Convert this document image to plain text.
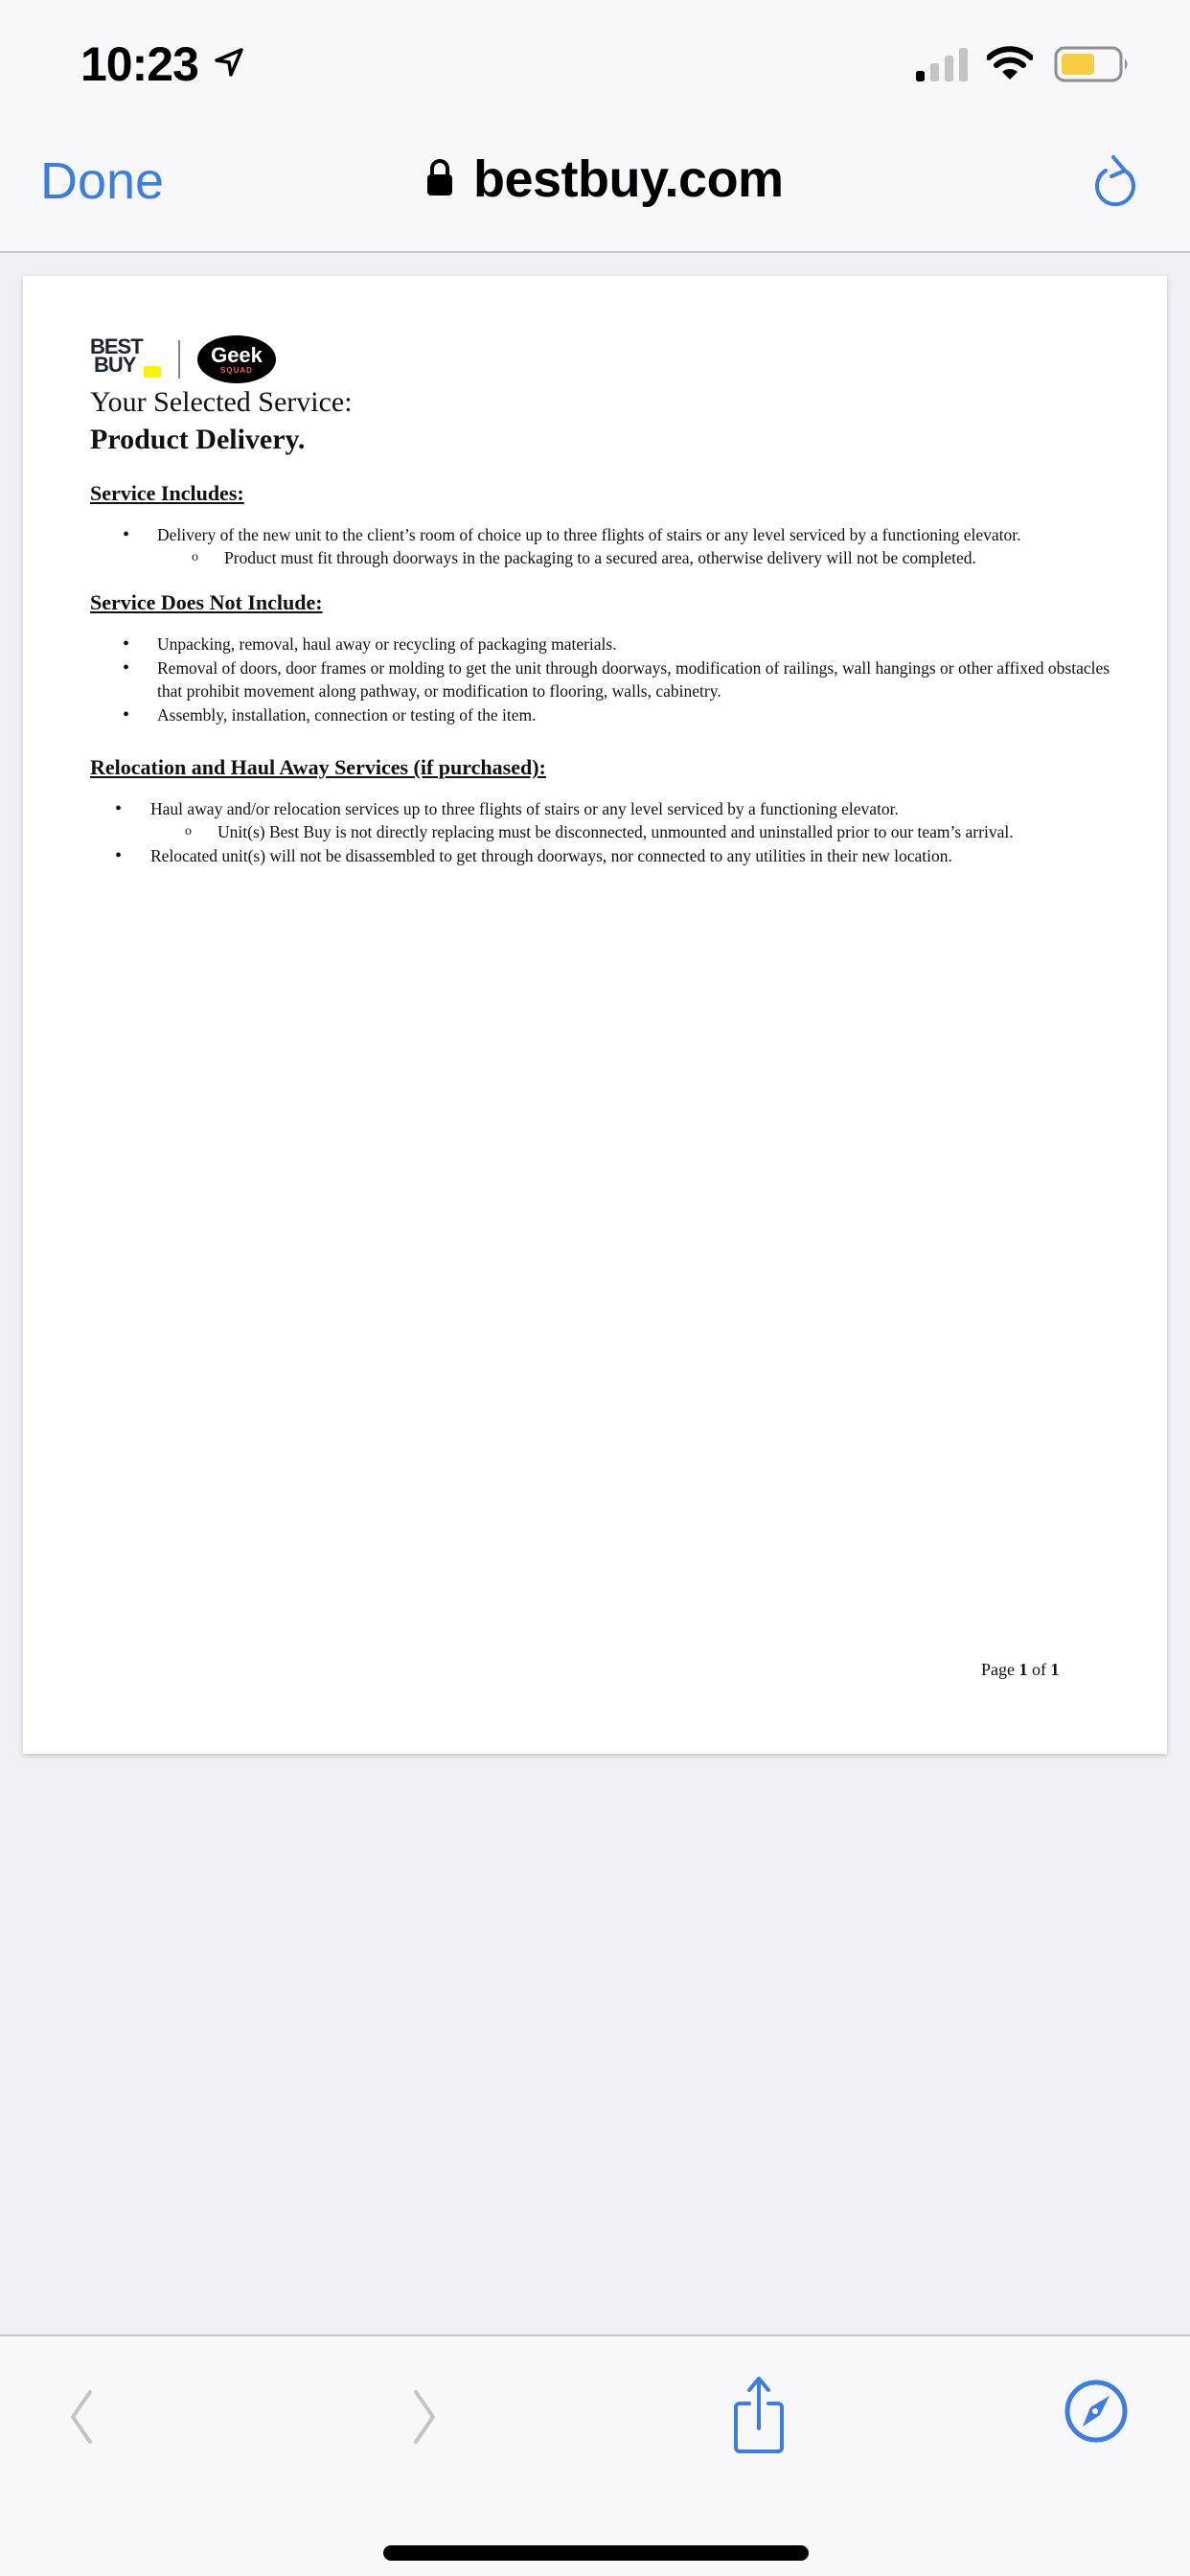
10:23
Done	bestbuy.com
BEST
BUY	Geek
SQUAD
Your Selected Service:
Product Delivery.
Service Includes:
• Delivery of the new unit to the client’s room of choice up to three flights of stairs or any level serviced by a functioning elevator.
o Product must fit through doorways in the packaging to a secured area, otherwise delivery will not be completed.
Service Does Not Include:
• Unpacking, removal, haul away or recycling of packaging materials.
• Removal of doors, door frames or molding to get the unit through doorways, modification of railings, wall hangings or other affixed obstacles that prohibit movement along pathway, or modification to flooring, walls, cabinetry.
• Assembly, installation, connection or testing of the item.
Relocation and Haul Away Services (if purchased):
• Haul away and/or relocation services up to three flights of stairs or any level serviced by a functioning elevator.
o Unit(s) Best Buy is not directly replacing must be disconnected, unmounted and uninstalled prior to our team’s arrival.
• Relocated unit(s) will not be disassembled to get through doorways, nor connected to any utilities in their new location.
Page 1 of 1
